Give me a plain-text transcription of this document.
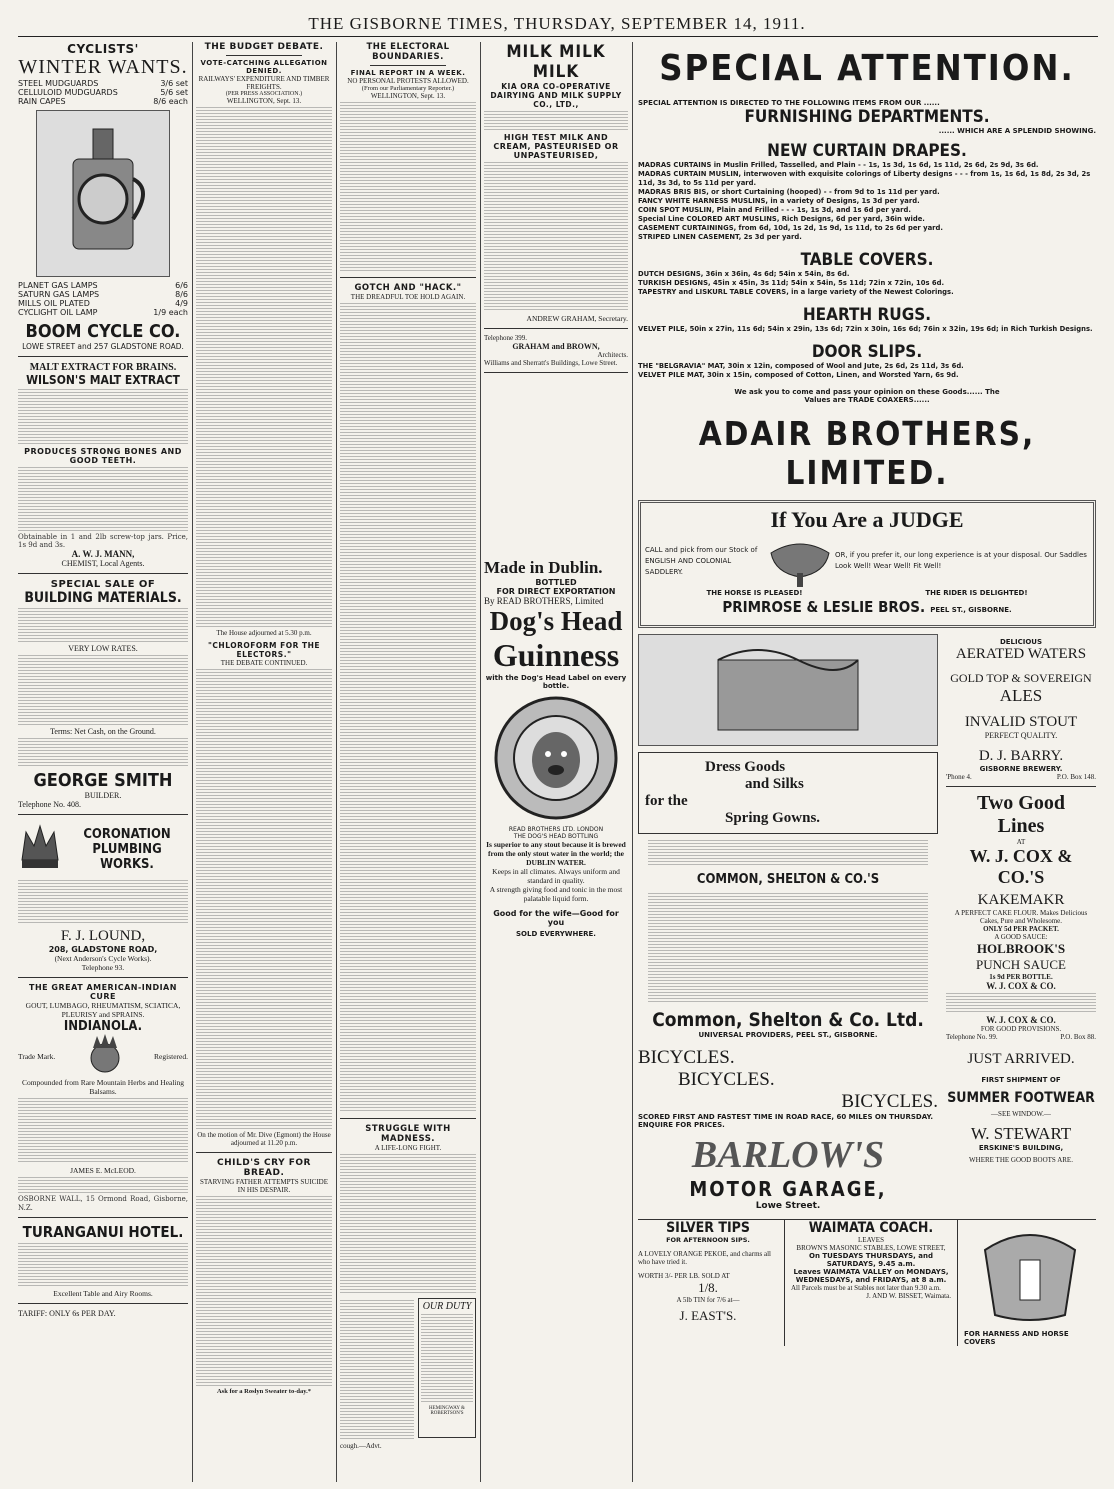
THE GISBORNE TIMES, THURSDAY, SEPTEMBER 14, 1911.
CYCLISTS'
WINTER WANTS.
STEEL MUDGUARDS	3/6 set
CELLULOID MUDGUARDS	5/6 set
RAIN CAPES	8/6 each
PLANET GAS LAMPS	6/6
SATURN GAS LAMPS	8/6
MILLS OIL PLATED	4/9
CYCLIGHT OIL LAMP	1/9 each
BOOM CYCLE CO.
LOWE STREET and 257 GLADSTONE ROAD.
MALT EXTRACT FOR BRAINS.
WILSON'S MALT EXTRACT
PRODUCES STRONG BONES AND GOOD TEETH.
Obtainable in 1 and 2lb screw-top jars. Price, 1s 9d and 3s.
A. W. J. MANN,
CHEMIST, Local Agents.
SPECIAL SALE OF
BUILDING MATERIALS.
VERY LOW RATES.
Terms: Net Cash, on the Ground.
GEORGE SMITH
BUILDER.
Telephone No. 408.
CORONATION
PLUMBING
WORKS.
F. J. LOUND,
208, GLADSTONE ROAD,
(Next Anderson's Cycle Works).
Telephone 93.
THE GREAT AMERICAN-INDIAN CURE
GOUT, LUMBAGO, RHEUMATISM, SCIATICA, PLEURISY and SPRAINS.
INDIANOLA.
Trade Mark.	Registered.
Compounded from Rare Mountain Herbs and Healing Balsams.
JAMES E. McLEOD.
OSBORNE WALL, 15 Ormond Road, Gisborne, N.Z.
TURANGANUI HOTEL.
Excellent Table and Airy Rooms.
TARIFF: ONLY 6s PER DAY.
THE BUDGET DEBATE.
VOTE-CATCHING ALLEGATION DENIED.
RAILWAYS' EXPENDITURE AND TIMBER FREIGHTS.
(PER PRESS ASSOCIATION.)
WELLINGTON, Sept. 13.
The House adjourned at 5.30 p.m.
"CHLOROFORM FOR THE ELECTORS."
THE DEBATE CONTINUED.
On the motion of Mr. Dive (Egmont) the House adjourned at 11.20 p.m.
CHILD'S CRY FOR BREAD.
STARVING FATHER ATTEMPTS SUICIDE IN HIS DESPAIR.
Ask for a Roslyn Sweater to-day.*
THE ELECTORAL BOUNDARIES.
FINAL REPORT IN A WEEK.
NO PERSONAL PROTESTS ALLOWED.
(From our Parliamentary Reporter.)
WELLINGTON, Sept. 13.
GOTCH AND "HACK."
THE DREADFUL TOE HOLD AGAIN.
STRUGGLE WITH MADNESS.
A LIFE-LONG FIGHT.
OUR DUTY
HEMINGWAY & ROBERTSON'S
cough.—Advt.
MILK MILK MILK
KIA ORA CO-OPERATIVE DAIRYING AND MILK SUPPLY CO., LTD.,
HIGH TEST MILK AND CREAM, PASTEURISED OR UNPASTEURISED,
ANDREW GRAHAM, Secretary.
Telephone 399.
GRAHAM and BROWN,
Architects.
Williams and Sherratt's Buildings, Lowe Street.
Made in Dublin.
BOTTLED
FOR DIRECT EXPORTATION
By READ BROTHERS, Limited
Dog's Head
Guinness
with the Dog's Head Label on every bottle.
READ BROTHERS LTD. LONDON
THE DOG'S HEAD BOTTLING
Is superior to any stout because it is brewed from the only stout water in the world; the DUBLIN WATER.
Keeps in all climates. Always uniform and standard in quality.
A strength giving food and tonic in the most palatable liquid form.
Good for the wife—Good for you
SOLD EVERYWHERE.
SPECIAL ATTENTION.
SPECIAL ATTENTION IS DIRECTED TO THE FOLLOWING ITEMS FROM OUR ......
FURNISHING DEPARTMENTS.
...... WHICH ARE A SPLENDID SHOWING.
NEW CURTAIN DRAPES.
MADRAS CURTAINS in Muslin Frilled, Tasselled, and Plain - - 1s, 1s 3d, 1s 6d, 1s 11d, 2s 6d, 2s 9d, 3s 6d.
MADRAS CURTAIN MUSLIN, interwoven with exquisite colorings of Liberty designs - - - from 1s, 1s 6d, 1s 8d, 2s 3d, 2s 11d, 3s 3d, to 5s 11d per yard.
MADRAS BRIS BIS, or short Curtaining (hooped) - - from 9d to 1s 11d per yard.
FANCY WHITE HARNESS MUSLINS, in a variety of Designs, 1s 3d per yard.
COIN SPOT MUSLIN, Plain and Frilled - - - 1s, 1s 3d, and 1s 6d per yard.
Special Line COLORED ART MUSLINS, Rich Designs, 6d per yard, 36in wide.
CASEMENT CURTAININGS, from 6d, 10d, 1s 2d, 1s 9d, 1s 11d, to 2s 6d per yard.
STRIPED LINEN CASEMENT, 2s 3d per yard.
TABLE COVERS.
DUTCH DESIGNS, 36in x 36in, 4s 6d; 54in x 54in, 8s 6d.
TURKISH DESIGNS, 45in x 45in, 3s 11d; 54in x 54in, 5s 11d; 72in x 72in, 10s 6d.
TAPESTRY and LISKURL TABLE COVERS, in a large variety of the Newest Colorings.
HEARTH RUGS.
VELVET PILE, 50in x 27in, 11s 6d; 54in x 29in, 13s 6d; 72in x 30in, 16s 6d; 76in x 32in, 19s 6d; in Rich Turkish Designs.
DOOR SLIPS.
THE "BELGRAVIA" MAT, 30in x 12in, composed of Wool and Jute, 2s 6d, 2s 11d, 3s 6d.
VELVET PILE MAT, 30in x 15in, composed of Cotton, Linen, and Worsted Yarn, 6s 9d.
We ask you to come and pass your opinion on these Goods...... The Values are TRADE COAXERS......
ADAIR BROTHERS, LIMITED.
If You Are a JUDGE
CALL and pick from our Stock of ENGLISH AND COLONIAL SADDLERY.
OR, if you prefer it, our long experience is at your disposal. Our Saddles Look Well! Wear Well! Fit Well!
THE HORSE IS PLEASED!	THE RIDER IS DELIGHTED!
PRIMROSE & LESLIE BROS. PEEL ST., GISBORNE.
Dress Goods
and Silks
for the
Spring Gowns.
COMMON, SHELTON & CO.'S
Common, Shelton & Co. Ltd.
UNIVERSAL PROVIDERS, PEEL ST., GISBORNE.
DELICIOUS
AERATED WATERS
GOLD TOP & SOVEREIGN
ALES
INVALID STOUT
PERFECT QUALITY.
D. J. BARRY.
GISBORNE BREWERY.
'Phone 4.	P.O. Box 148.
Two Good
Lines
AT
W. J. COX & CO.'S
KAKEMAKR
A PERFECT CAKE FLOUR. Makes Delicious Cakes, Pure and Wholesome.
ONLY 5d PER PACKET.
A GOOD SAUCE:
HOLBROOK'S
PUNCH SAUCE
1s 9d PER BOTTLE.
W. J. COX & CO.
W. J. COX & CO.
FOR GOOD PROVISIONS.
Telephone No. 99.	P.O. Box 88.
BICYCLES.
BICYCLES.
BICYCLES.
SCORED FIRST AND FASTEST TIME IN ROAD RACE, 60 MILES ON THURSDAY. ENQUIRE FOR PRICES.
BARLOW'S
MOTOR GARAGE,
Lowe Street.
JUST ARRIVED.
FIRST SHIPMENT OF
SUMMER FOOTWEAR
—SEE WINDOW.—
W. STEWART
ERSKINE'S BUILDING,
WHERE THE GOOD BOOTS ARE.
SILVER TIPS
FOR AFTERNOON SIPS.
A LOVELY ORANGE PEKOE, and charms all who have tried it.
WORTH 3/- PER LB. SOLD AT
1/8.
A 5lb TIN for 7/6 at—
J. EAST'S.
WAIMATA COACH.
LEAVES
BROWN'S MASONIC STABLES, LOWE STREET,
On TUESDAYS THURSDAYS, and SATURDAYS, 9.45 a.m.
Leaves WAIMATA VALLEY on MONDAYS, WEDNESDAYS, and FRIDAYS, at 8 a.m.
All Parcels must be at Stables not later than 9.30 a.m.
J. AND W. BISSET, Waimata.
FOR HARNESS AND HORSE COVERS
